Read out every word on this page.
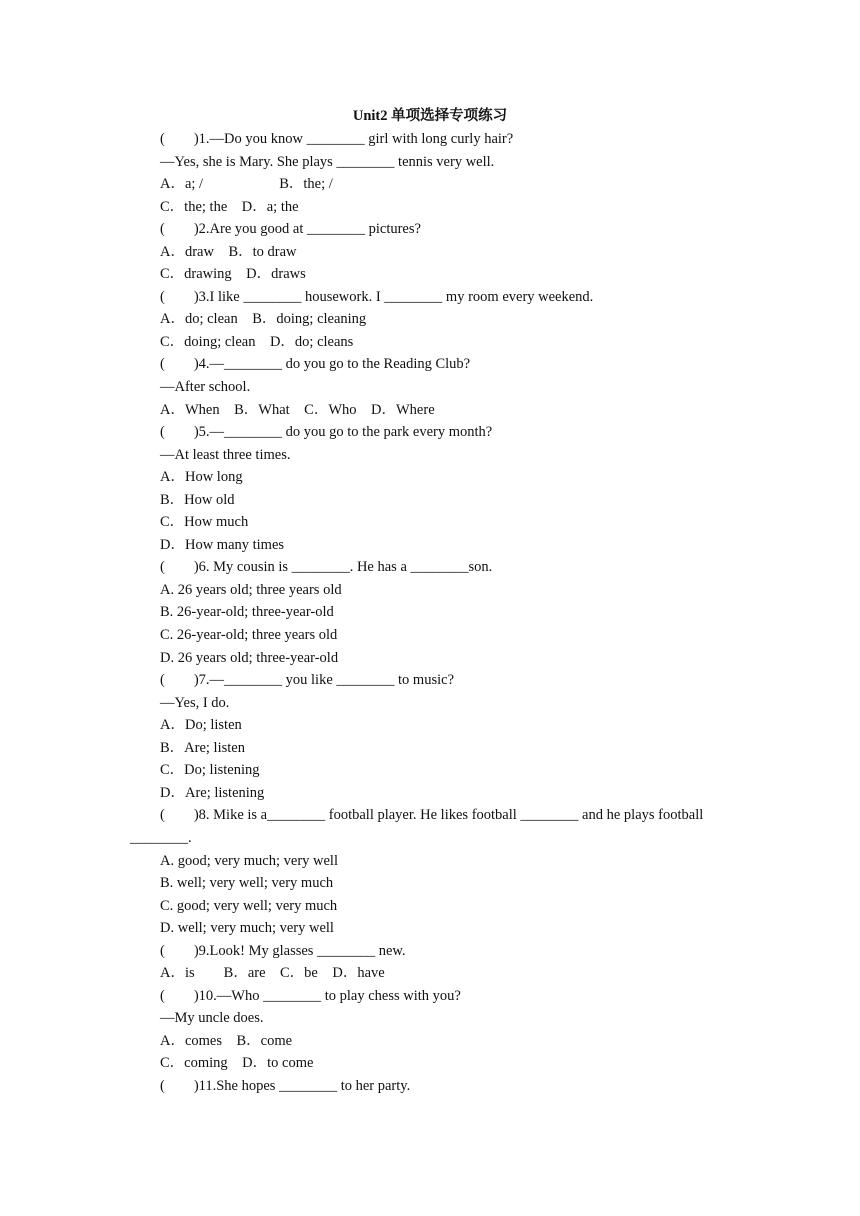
Unit2 单项选择专项练习
(        )1.—Do you know ________ girl with long curly hair?
—Yes, she is Mary. She plays ________ tennis very well.
A．a; /                     B．the; /
C．the; the    D．a; the
(        )2.Are you good at ________ pictures?
A．draw    B．to draw
C．drawing    D．draws
(        )3.I like ________ housework. I ________ my room every weekend.
A．do; clean    B．doing; cleaning
C．doing; clean    D．do; cleans
(        )4.—________ do you go to the Reading Club?
—After school.
A．When    B．What    C．Who    D．Where
(        )5.—________ do you go to the park every month?
—At least three times.
A．How long
B．How old
C．How much
D．How many times
(        )6. My cousin is ________. He has a ________son.
A. 26 years old; three years old
B. 26-year-old; three-year-old
C. 26-year-old; three years old
D. 26 years old; three-year-old
(        )7.—________ you like ________ to music?
—Yes, I do.
A．Do; listen
B．Are; listen
C．Do; listening
D．Are; listening
(        )8. Mike is a________ football player. He likes football ________ and he plays football
________.
A. good; very much; very well
B. well; very well; very much
C. good; very well; very much
D. well; very much; very well
(        )9.Look! My glasses ________ new.
A．is        B．are    C．be    D．have
(        )10.—Who ________ to play chess with you?
—My uncle does.
A．comes    B．come
C．coming    D．to come
(        )11.She hopes ________ to her party.
